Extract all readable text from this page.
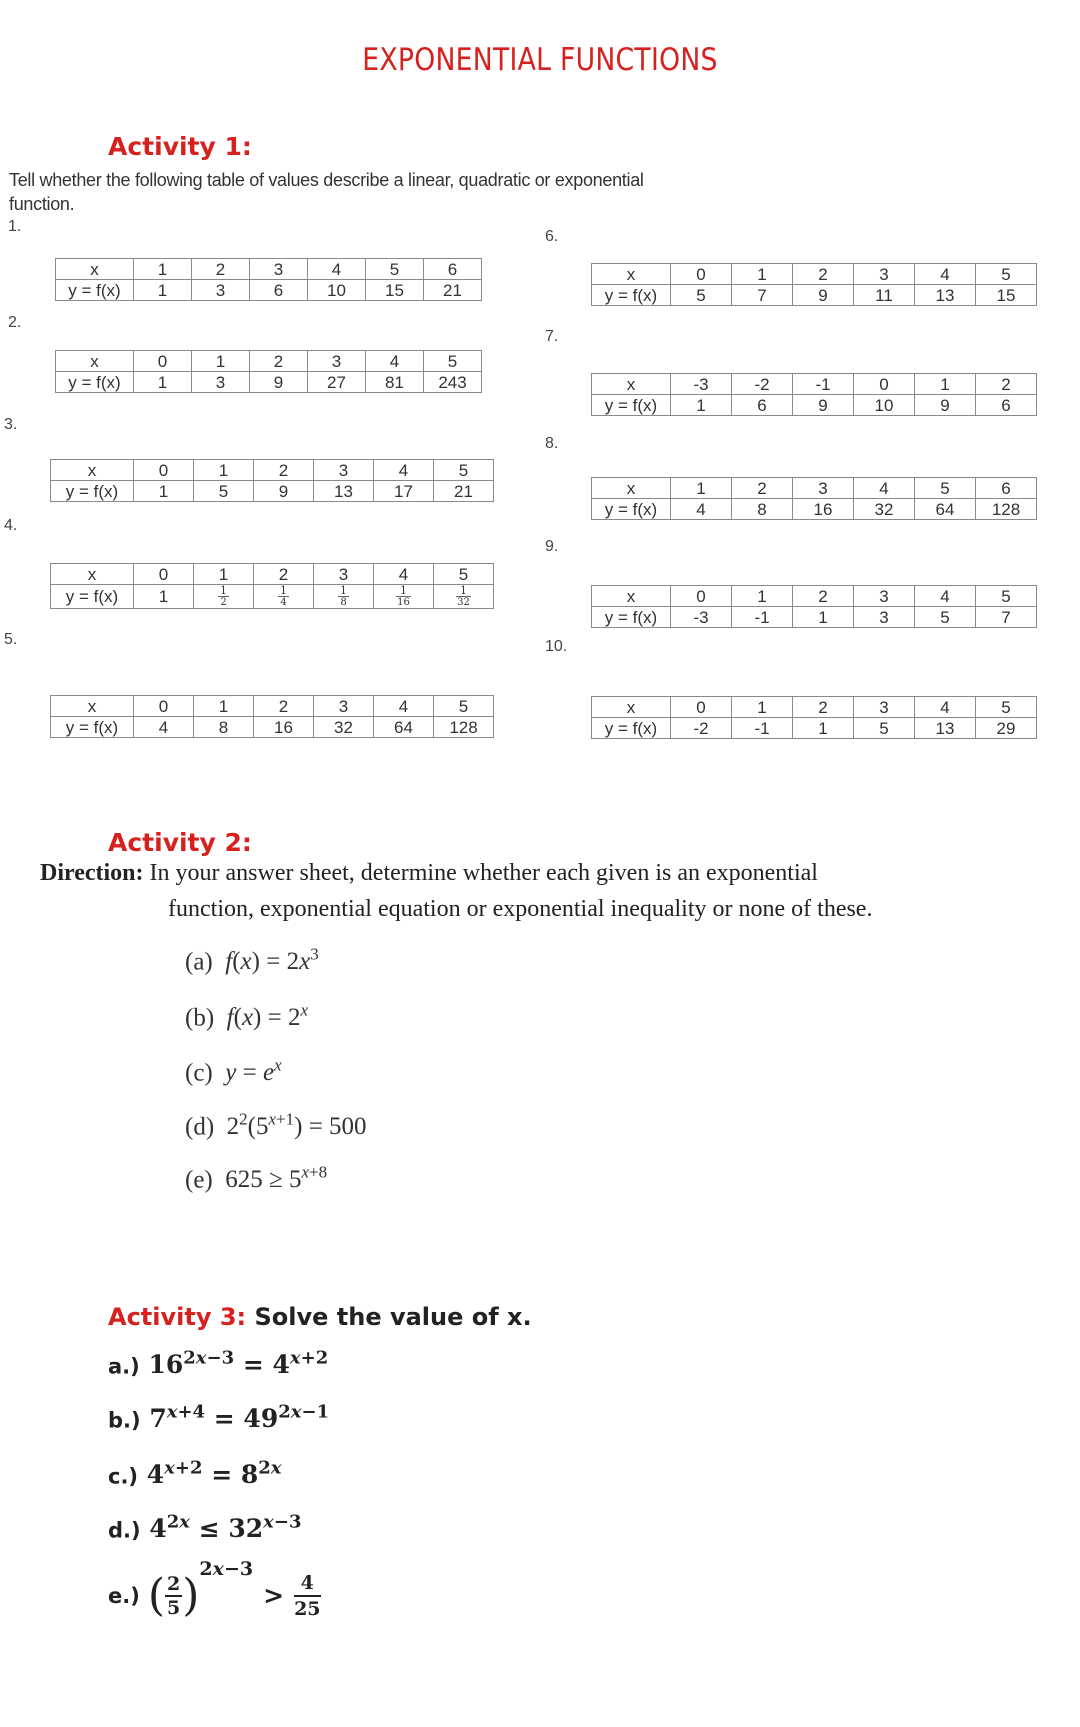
EXPONENTIAL FUNCTIONS
Activity 1:
Tell whether the following table of values describe a linear, quadratic or exponential function.
1.
x	1	2	3	4	5	6
y = f(x)	1	3	6	10	15	21
2.
x	0	1	2	3	4	5
y = f(x)	1	3	9	27	81	243
3.
x	0	1	2	3	4	5
y = f(x)	1	5	9	13	17	21
4.
x	0	1	2	3	4	5
y = f(x)	1	$\frac{1}{2}$	$\frac{1}{4}$	$\frac{1}{8}$	$\frac{1}{16}$	$\frac{1}{32}$
5.
x	0	1	2	3	4	5
y = f(x)	4	8	16	32	64	128
6.
x	0	1	2	3	4	5
y = f(x)	5	7	9	11	13	15
7.
x	-3	-2	-1	0	1	2
y = f(x)	1	6	9	10	9	6
8.
x	1	2	3	4	5	6
y = f(x)	4	8	16	32	64	128
9.
x	0	1	2	3	4	5
y = f(x)	-3	-1	1	3	5	7
10.
x	0	1	2	3	4	5
y = f(x)	-2	-1	1	5	13	29
Activity 2:
Direction: In your answer sheet, determine whether each given is an exponential
function, exponential equation or exponential inequality or none of these.
(a) $f(x) = 2x^3$
(b) $f(x) = 2^x$
(c) $y = e^x$
(d) $2^2(5^{x+1}) = 500$
(e) $625 \ge 5^{x+8}$
Activity 3: Solve the value of x.
a.) $16^{2x-3} = 4^{x+2}$
b.) $7^{x+4} = 49^{2x-1}$
c.) $4^{x+2} = 8^{2x}$
d.) $4^{2x} \le 32^{x-3}$
e.) ( 2
5 )
2x−3
> 4
25
